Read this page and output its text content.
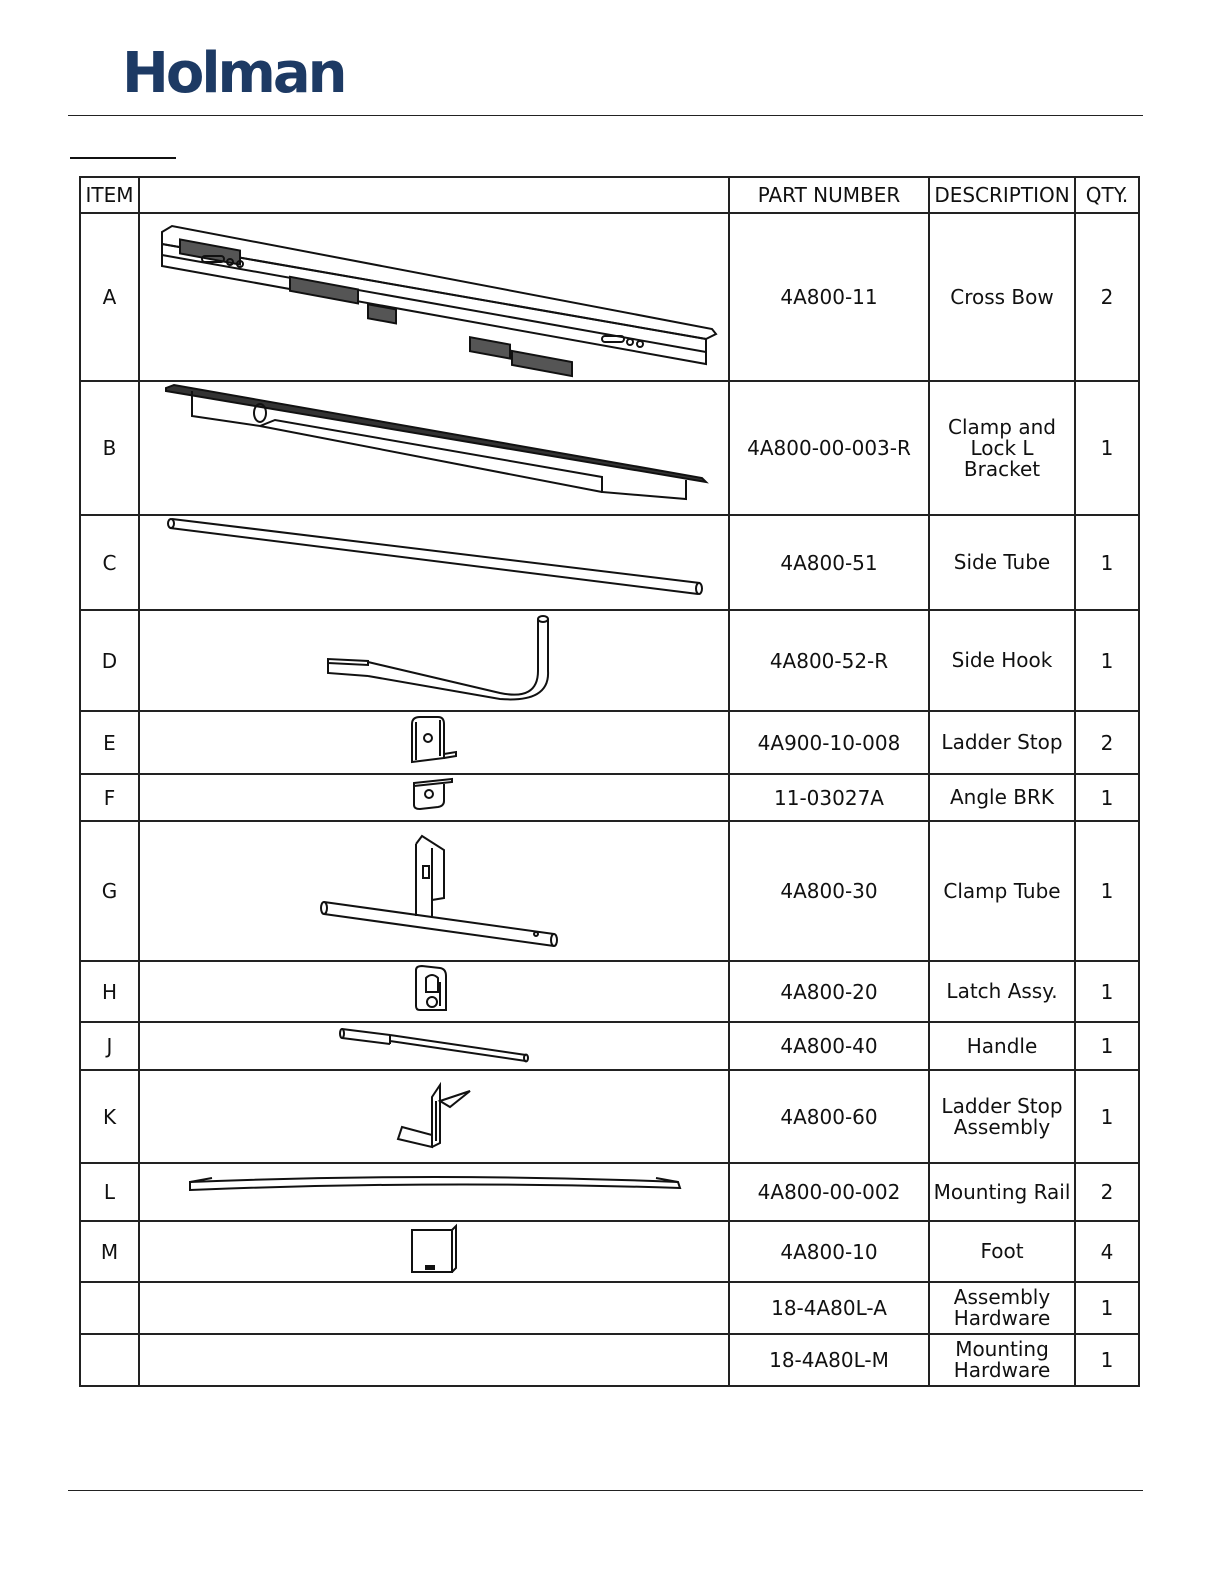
Holman
ITEM		PART NUMBER	DESCRIPTION	QTY.
A		4A800-11	Cross Bow	2
B		4A800-00-003-R	Clamp and
Lock L
Bracket	1
C		4A800-51	Side Tube	1
D		4A800-52-R	Side Hook	1
E		4A900-10-008	Ladder Stop	2
F		11-03027A	Angle BRK	1
G		4A800-30	Clamp Tube	1
H		4A800-20	Latch Assy.	1
J		4A800-40	Handle	1
K		4A800-60	Ladder Stop
Assembly	1
L		4A800-00-002	Mounting Rail	2
M		4A800-10	Foot	4
		18-4A80L-A	Assembly
Hardware	1
		18-4A80L-M	Mounting
Hardware	1
